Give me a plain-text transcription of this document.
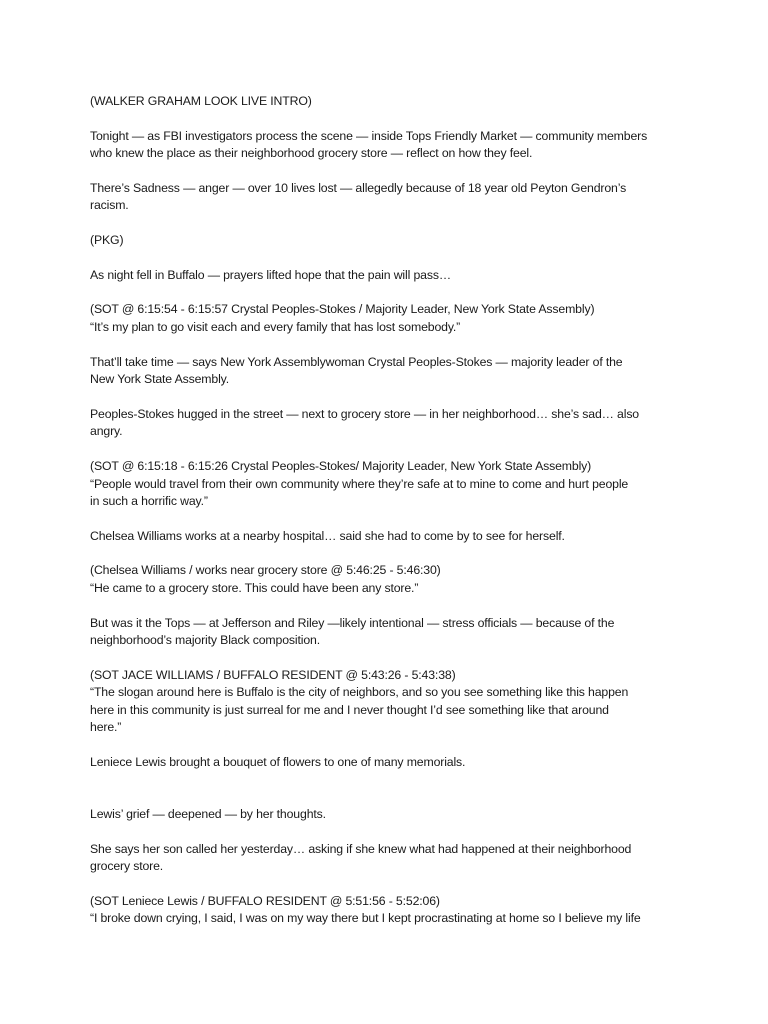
(WALKER GRAHAM LOOK LIVE INTRO)

Tonight — as FBI investigators process the scene — inside Tops Friendly Market — community members
who knew the place as their neighborhood grocery store — reflect on how they feel.

There’s Sadness — anger — over 10 lives lost — allegedly because of 18 year old Peyton Gendron’s
racism.

(PKG)

As night fell in Buffalo — prayers lifted hope that the pain will pass…

(SOT @ 6:15:54 - 6:15:57 Crystal Peoples-Stokes / Majority Leader, New York State Assembly)
“It’s my plan to go visit each and every family that has lost somebody.”

That’ll take time — says New York Assemblywoman Crystal Peoples-Stokes — majority leader of the
New York State Assembly.

Peoples-Stokes hugged in the street — next to grocery store — in her neighborhood… she’s sad… also
angry.

(SOT @ 6:15:18 - 6:15:26 Crystal Peoples-Stokes/ Majority Leader, New York State Assembly)
“People would travel from their own community where they’re safe at to mine to come and hurt people
in such a horrific way.”

Chelsea Williams works at a nearby hospital… said she had to come by to see for herself.

(Chelsea Williams / works near grocery store @ 5:46:25 - 5:46:30)
“He came to a grocery store. This could have been any store.”

But was it the Tops — at Jefferson and Riley —likely intentional — stress officials — because of the
neighborhood’s majority Black composition.

(SOT JACE WILLIAMS / BUFFALO RESIDENT @ 5:43:26 - 5:43:38)
“The slogan around here is Buffalo is the city of neighbors, and so you see something like this happen
here in this community is just surreal for me and I never thought I’d see something like that around
here.”

Leniece Lewis brought a bouquet of flowers to one of many memorials.

Lewis’ grief — deepened — by her thoughts.

She says her son called her yesterday… asking if she knew what had happened at their neighborhood
grocery store.

(SOT Leniece Lewis / BUFFALO RESIDENT @ 5:51:56 - 5:52:06)
“I broke down crying, I said, I was on my way there but I kept procrastinating at home so I believe my life
